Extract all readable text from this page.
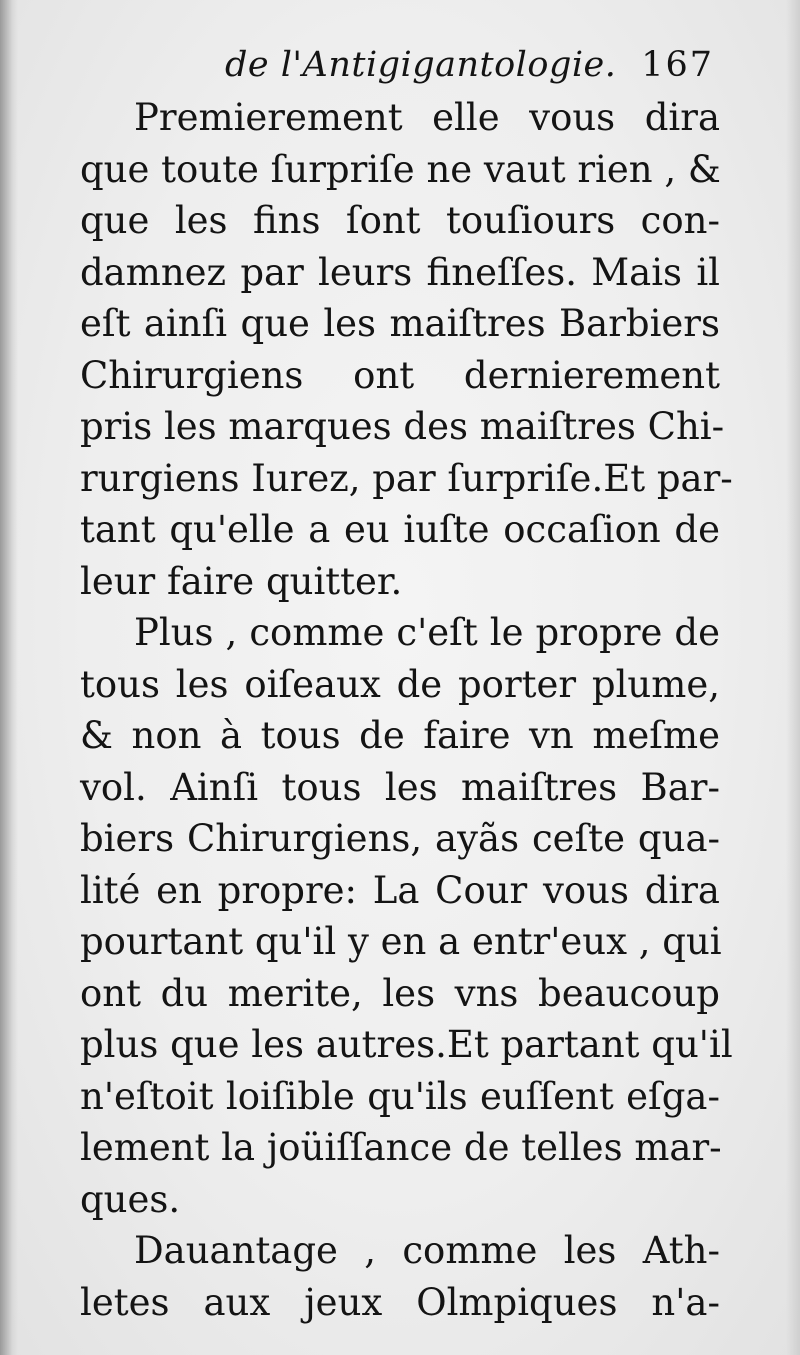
de l'Antigigantologie. 167
Premierement elle vous dira
que toute ſurpriſe ne vaut rien , &
que les fins ſont touſiours con-
damnez par leurs fineſſes. Mais il
eſt ainſi que les maiſtres Barbiers
Chirurgiens ont dernierement
pris les marques des maiſtres Chi-
rurgiens Iurez, par ſurpriſe.Et par-
tant qu'elle a eu iuſte occaſion de
leur faire quitter.
Plus , comme c'eſt le propre de
tous les oiſeaux de porter plume,
& non à tous de faire vn meſme
vol. Ainſi tous les maiſtres Bar-
biers Chirurgiens, ayãs ceſte qua-
lité en propre: La Cour vous dira
pourtant qu'il y en a entr'eux , qui
ont du merite, les vns beaucoup
plus que les autres.Et partant qu'il
n'eſtoit loiſible qu'ils euſſent eſga-
lement la joüiſſance de telles mar-
ques.
Dauantage , comme les Ath-
letes aux jeux Olmpiques n'a-
